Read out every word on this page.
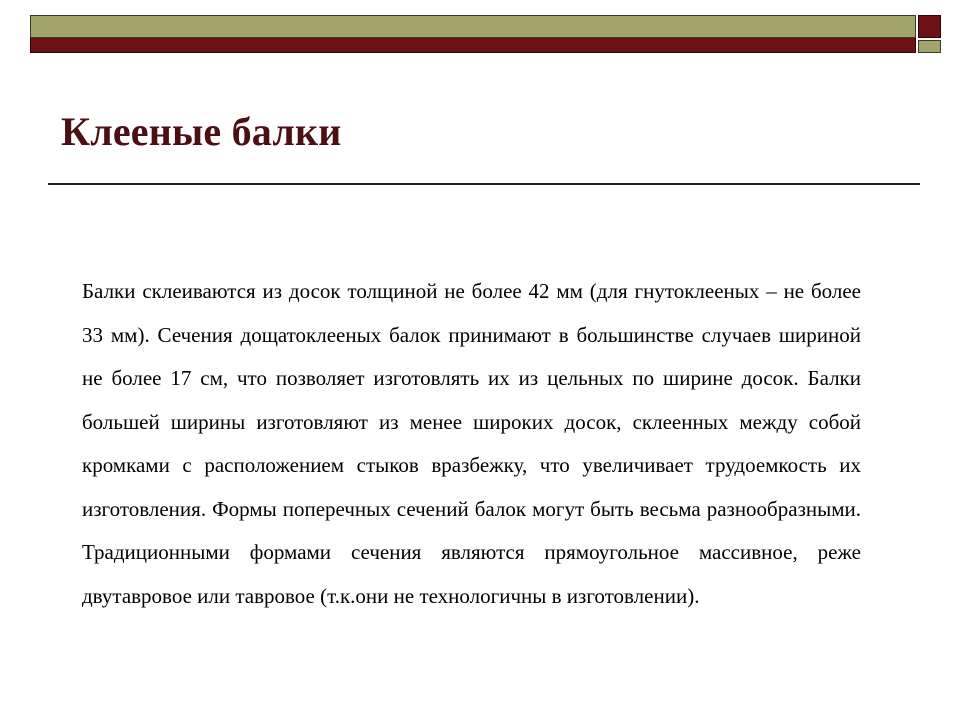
Клееные балки

Балки склеиваются из досок толщиной не более 42 мм (для гнутоклееных – не более 33 мм). Сечения дощатоклееных балок принимают в большинстве случаев шириной не более 17 см, что позволяет изготовлять их из цельных по ширине досок. Балки большей ширины изготовляют из менее широких досок, склеенных между собой кромками с расположением стыков вразбежку, что увеличивает трудоемкость их изготовления. Формы поперечных сечений балок могут быть весьма разнообразными. Традиционными формами сечения являются прямоугольное массивное, реже двутавровое или тавровое (т.к.они не технологичны в изготовлении).
